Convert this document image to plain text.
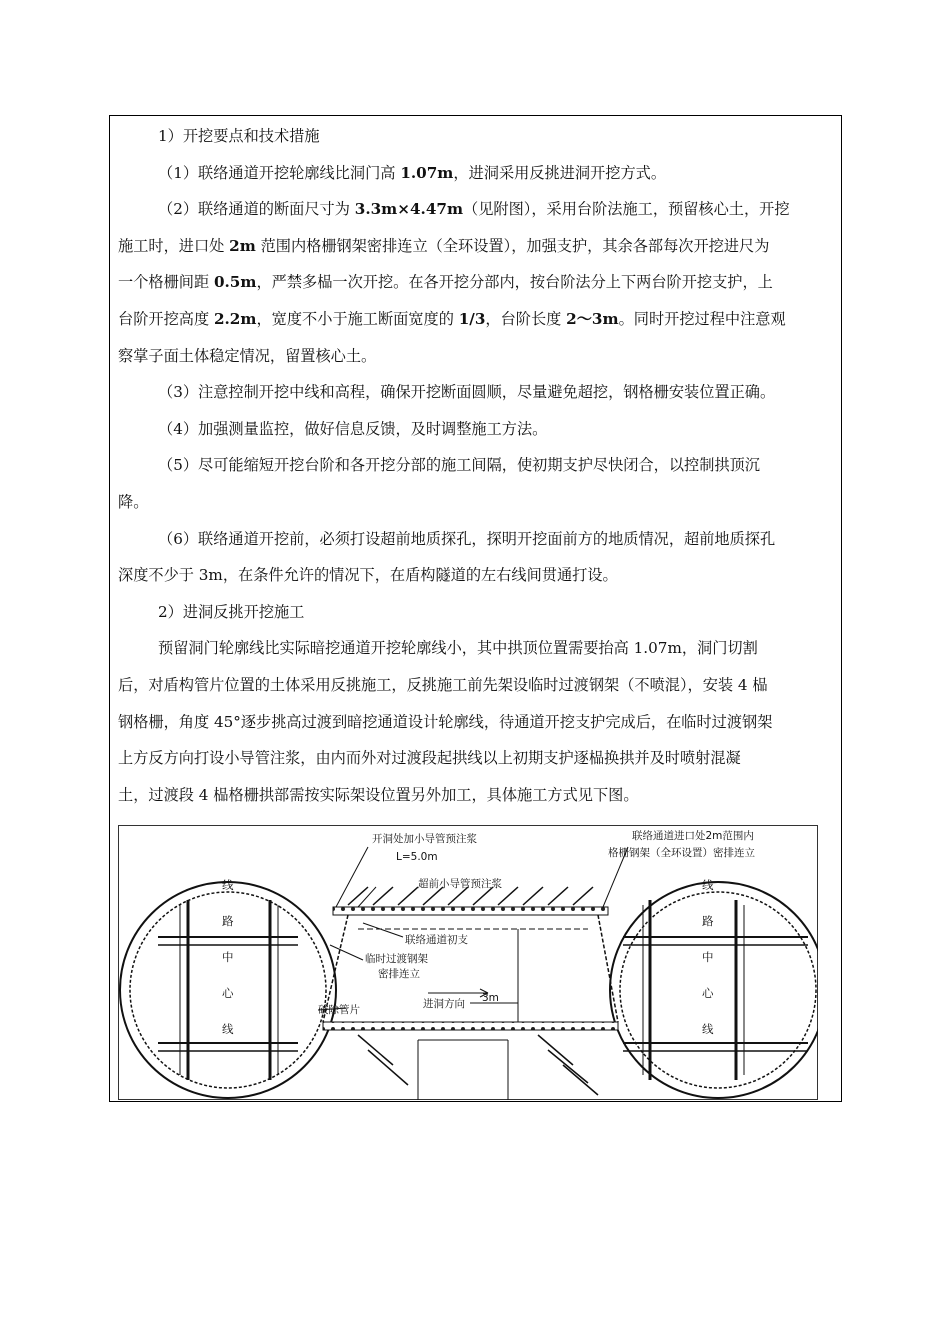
1）开挖要点和技术措施
（1）联络通道开挖轮廓线比洞门高 1.07m，进洞采用反挑进洞开挖方式。
（2）联络通道的断面尺寸为 3.3m×4.47m（见附图），采用台阶法施工，预留核心土，开挖
施工时，进口处 2m 范围内格栅钢架密排连立（全环设置），加强支护，其余各部每次开挖进尺为
一个格栅间距 0.5m，严禁多榀一次开挖。在各开挖分部内，按台阶法分上下两台阶开挖支护，上
台阶开挖高度 2.2m，宽度不小于施工断面宽度的 1/3，台阶长度 2～3m。同时开挖过程中注意观
察掌子面土体稳定情况，留置核心土。
（3）注意控制开挖中线和高程，确保开挖断面圆顺，尽量避免超挖，钢格栅安装位置正确。
（4）加强测量监控，做好信息反馈，及时调整施工方法。
（5）尽可能缩短开挖台阶和各开挖分部的施工间隔，使初期支护尽快闭合，以控制拱顶沉
降。
（6）联络通道开挖前，必须打设超前地质探孔，探明开挖面前方的地质情况，超前地质探孔
深度不少于 3m，在条件允许的情况下，在盾构隧道的左右线间贯通打设。
2）进洞反挑开挖施工
预留洞门轮廓线比实际暗挖通道开挖轮廓线小，其中拱顶位置需要抬高 1.07m，洞门切割
后，对盾构管片位置的土体采用反挑施工，反挑施工前先架设临时过渡钢架（不喷混），安装 4 榀
钢格栅，角度 45°逐步挑高过渡到暗挖通道设计轮廓线，待通道开挖支护完成后，在临时过渡钢架
上方反方向打设小导管注浆，由内而外对过渡段起拱线以上初期支护逐榀换拱并及时喷射混凝
土，过渡段 4 榀格栅拱部需按实际架设位置另外加工，具体施工方式见下图。
开洞处加小导管预注浆
L=5.0m
超前小导管预注浆
联络通道进口处2m范围内
格栅钢架（全环设置）密排连立
联络通道初支
临时过渡钢架
密排连立
破除管片	进洞方向 3m
线
路
中
心
线
线
路
中
心
线
